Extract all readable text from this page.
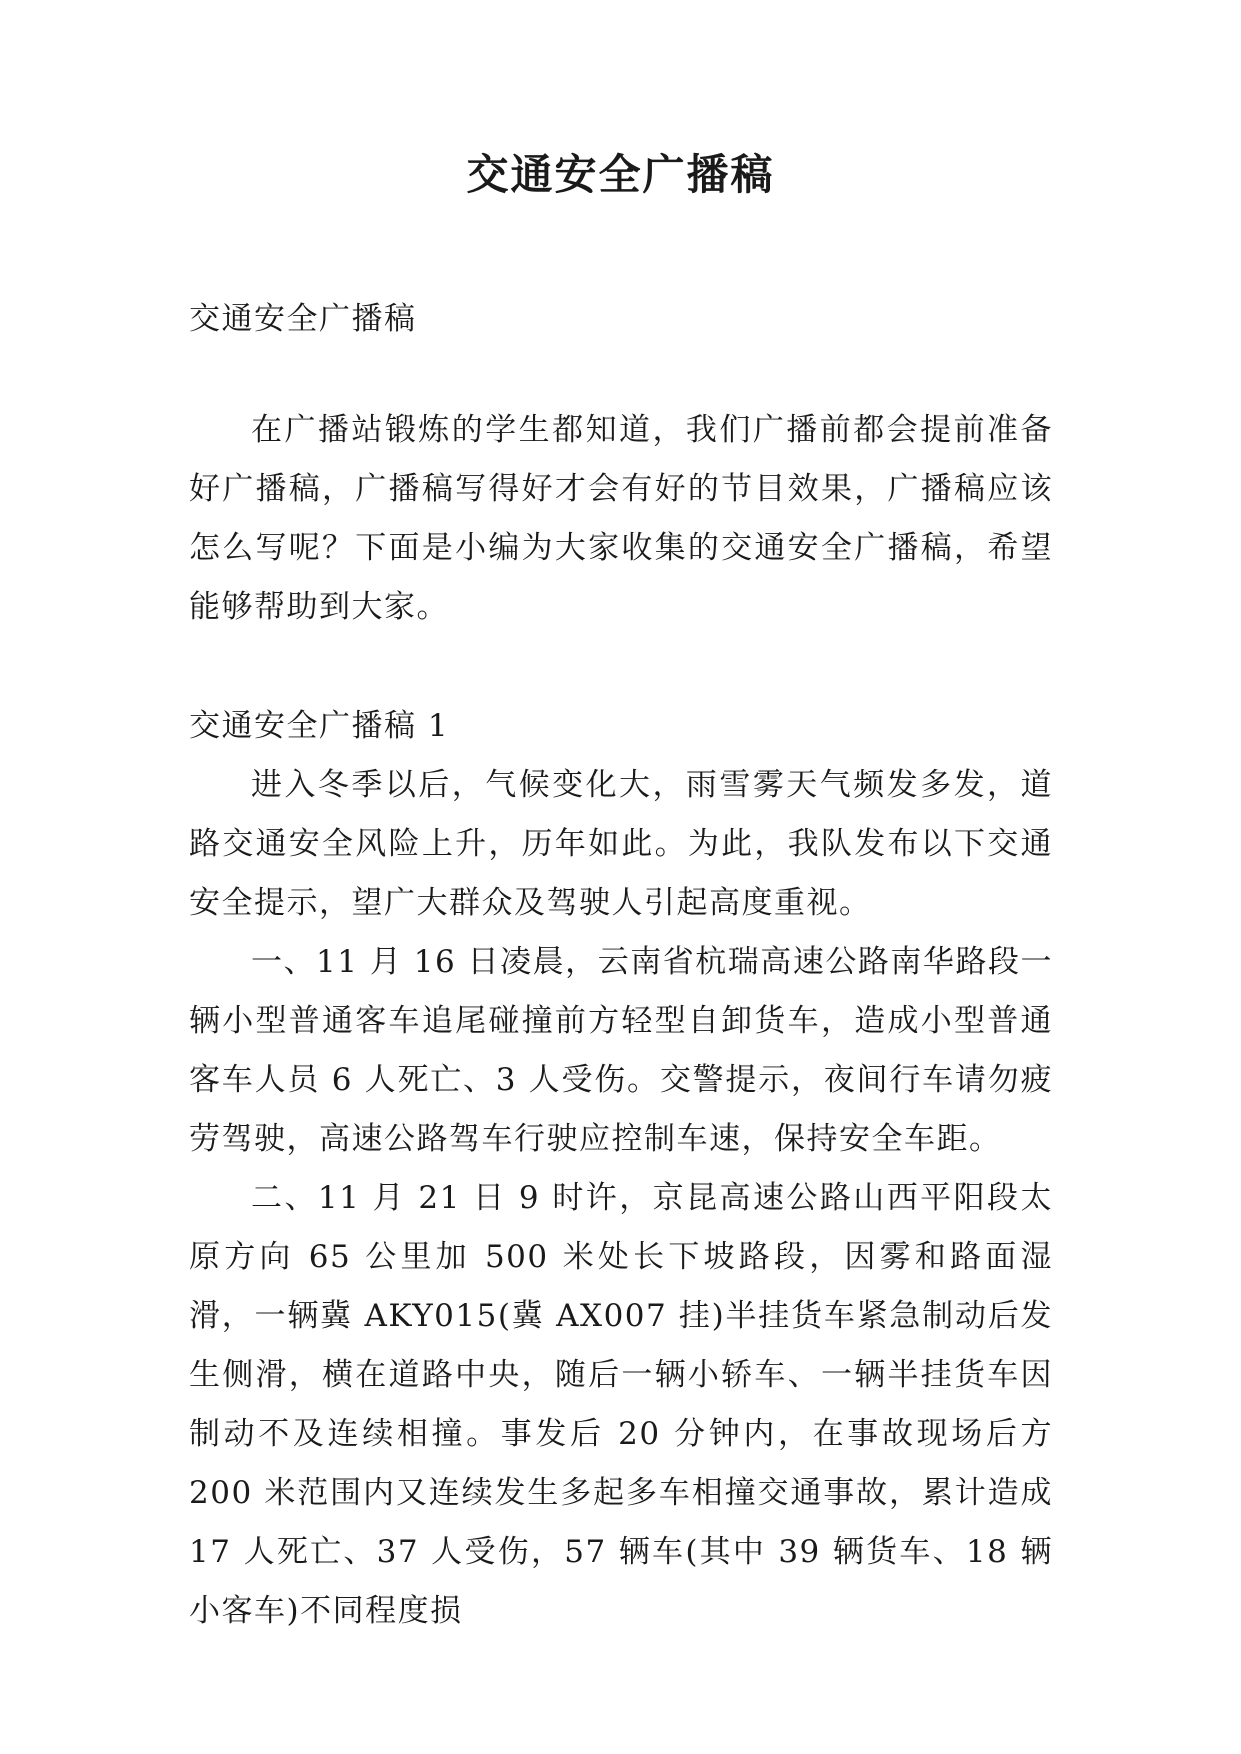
交通安全广播稿

交通安全广播稿

在广播站锻炼的学生都知道，我们广播前都会提前准备好广播稿，广播稿写得好才会有好的节目效果，广播稿应该怎么写呢？下面是小编为大家收集的交通安全广播稿，希望能够帮助到大家。

交通安全广播稿 1

进入冬季以后，气候变化大，雨雪雾天气频发多发，道路交通安全风险上升，历年如此。为此，我队发布以下交通安全提示，望广大群众及驾驶人引起高度重视。

一、11 月 16 日凌晨，云南省杭瑞高速公路南华路段一辆小型普通客车追尾碰撞前方轻型自卸货车，造成小型普通客车人员 6 人死亡、3 人受伤。交警提示，夜间行车请勿疲劳驾驶，高速公路驾车行驶应控制车速，保持安全车距。

二、11 月 21 日 9 时许，京昆高速公路山西平阳段太原方向 65 公里加 500 米处长下坡路段，因雾和路面湿滑，一辆冀 AKY015(冀 AX007 挂)半挂货车紧急制动后发生侧滑，横在道路中央，随后一辆小轿车、一辆半挂货车因制动不及连续相撞。事发后 20 分钟内，在事故现场后方 200 米范围内又连续发生多起多车相撞交通事故，累计造成 17 人死亡、37 人受伤，57 辆车(其中 39 辆货车、18 辆小客车)不同程度损
